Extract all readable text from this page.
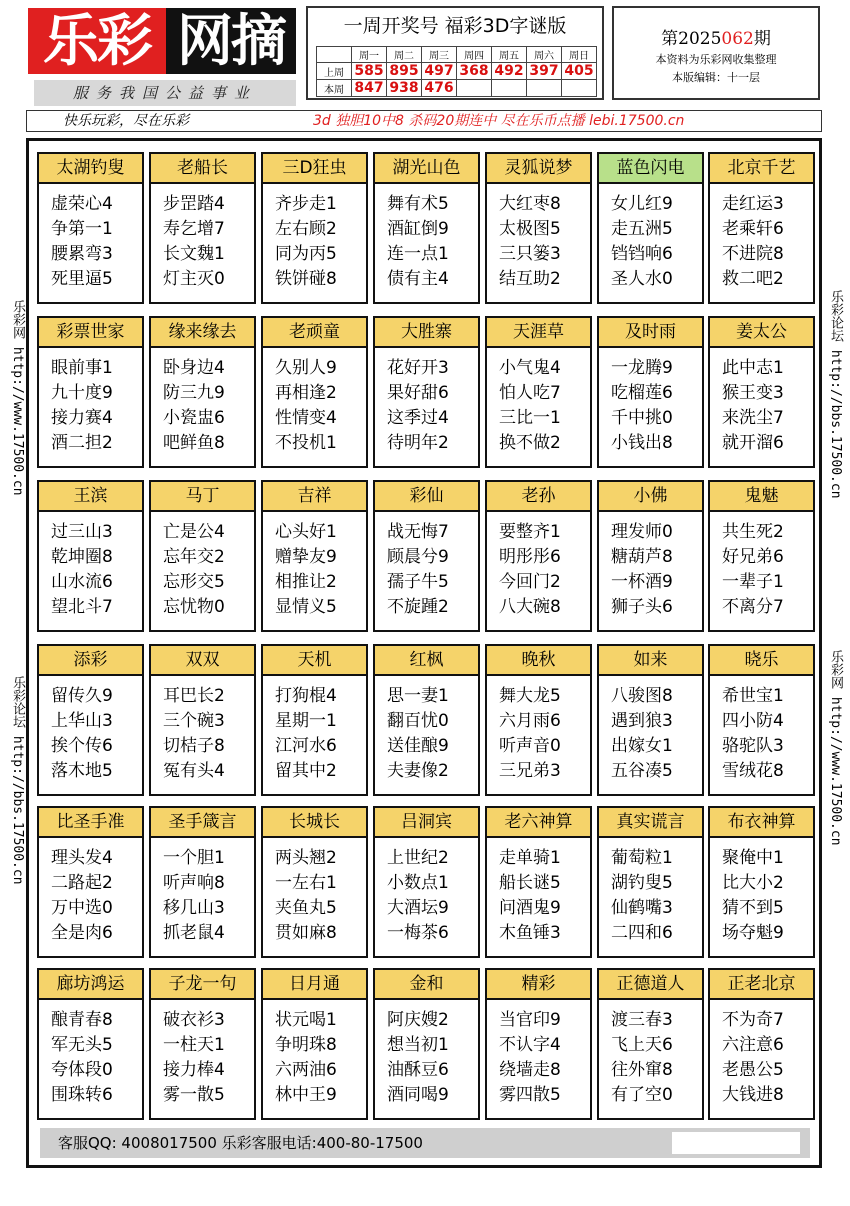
乐彩 网摘
服务我国公益事业
一周开奖号 福彩3D字谜版
	周一	周二	周三	周四	周五	周六	周日
上周	585	895	497	368	492	397	405
本周	847	938	476				
第2025062期
本资料为乐彩网收集整理
本版编辑：十一层
快乐玩彩，尽在乐彩	3d 独胆10中8 杀码20期连中 尽在乐币点播 lebi.17500.cn
乐彩网 http://www.17500.cn
乐彩论坛 http://bbs.17500.cn
乐彩论坛 http://bbs.17500.cn
乐彩网 http://www.17500.cn
太湖钓叟
虚荣心4
争第一1
腰累弯3
死里逼5
老船长
步罡踏4
寿乞增7
长文魏1
灯主灭0
三D狂虫
齐步走1
左右顾2
同为丙5
铁饼碰8
湖光山色
舞有术5
酒缸倒9
连一点1
债有主4
灵狐说梦
大红枣8
太极图5
三只篓3
结互助2
蓝色闪电
女儿红9
走五洲5
铛铛响6
圣人水0
北京千艺
走红运3
老乘轩6
不进院8
救二吧2
彩票世家
眼前事1
九十度9
接力赛4
酒二担2
缘来缘去
卧身边4
防三九9
小瓷盅6
吧鲜鱼8
老顽童
久别人9
再相逢2
性情变4
不投机1
大胜寨
花好开3
果好甜6
这季过4
待明年2
天涯草
小气鬼4
怕人吃7
三比一1
换不做2
及时雨
一龙腾9
吃榴莲6
千中挑0
小钱出8
姜太公
此中志1
猴王变3
来洗尘7
就开溜6
王滨
过三山3
乾坤圈8
山水流6
望北斗7
马丁
亡是公4
忘年交2
忘形交5
忘忧物0
吉祥
心头好1
赠挚友9
相推让2
显情义5
彩仙
战无悔7
顾晨兮9
孺子牛5
不旋踵2
老孙
要整齐1
明彤彤6
今回门2
八大碗8
小佛
理发师0
糖葫芦8
一杯酒9
狮子头6
鬼魅
共生死2
好兄弟6
一辈子1
不离分7
添彩
留传久9
上华山3
挨个传6
落木地5
双双
耳巴长2
三个碗3
切桔子8
冤有头4
天机
打狗棍4
星期一1
江河水6
留其中2
红枫
思一妻1
翻百忧0
送佳酿9
夫妻像2
晚秋
舞大龙5
六月雨6
听声音0
三兄弟3
如来
八骏图8
遇到狼3
出嫁女1
五谷凑5
晓乐
希世宝1
四小防4
骆驼队3
雪绒花8
比圣手准
理头发4
二路起2
万中选0
全是肉6
圣手箴言
一个胆1
听声响8
移几山3
抓老鼠4
长城长
两头翘2
一左右1
夹鱼丸5
贯如麻8
吕洞宾
上世纪2
小数点1
大酒坛9
一梅茶6
老六神算
走单骑1
船长谜5
问酒鬼9
木鱼锤3
真实谎言
葡萄粒1
湖钓叟5
仙鹤嘴3
二四和6
布衣神算
聚俺中1
比大小2
猜不到5
场夺魁9
廊坊鸿运
酿青春8
军无头5
夸体段0
围珠转6
子龙一句
破衣衫3
一柱天1
接力棒4
雾一散5
日月通
状元喝1
争明珠8
六两油6
林中王9
金和
阿庆嫂2
想当初1
油酥豆6
酒同喝9
精彩
当官印9
不认字4
绕墙走8
雾四散5
正德道人
渡三春3
飞上天6
往外窜8
有了空0
正老北京
不为奇7
六注意6
老愚公5
大钱进8
客服QQ: 4008017500 乐彩客服电话:400-80-17500
